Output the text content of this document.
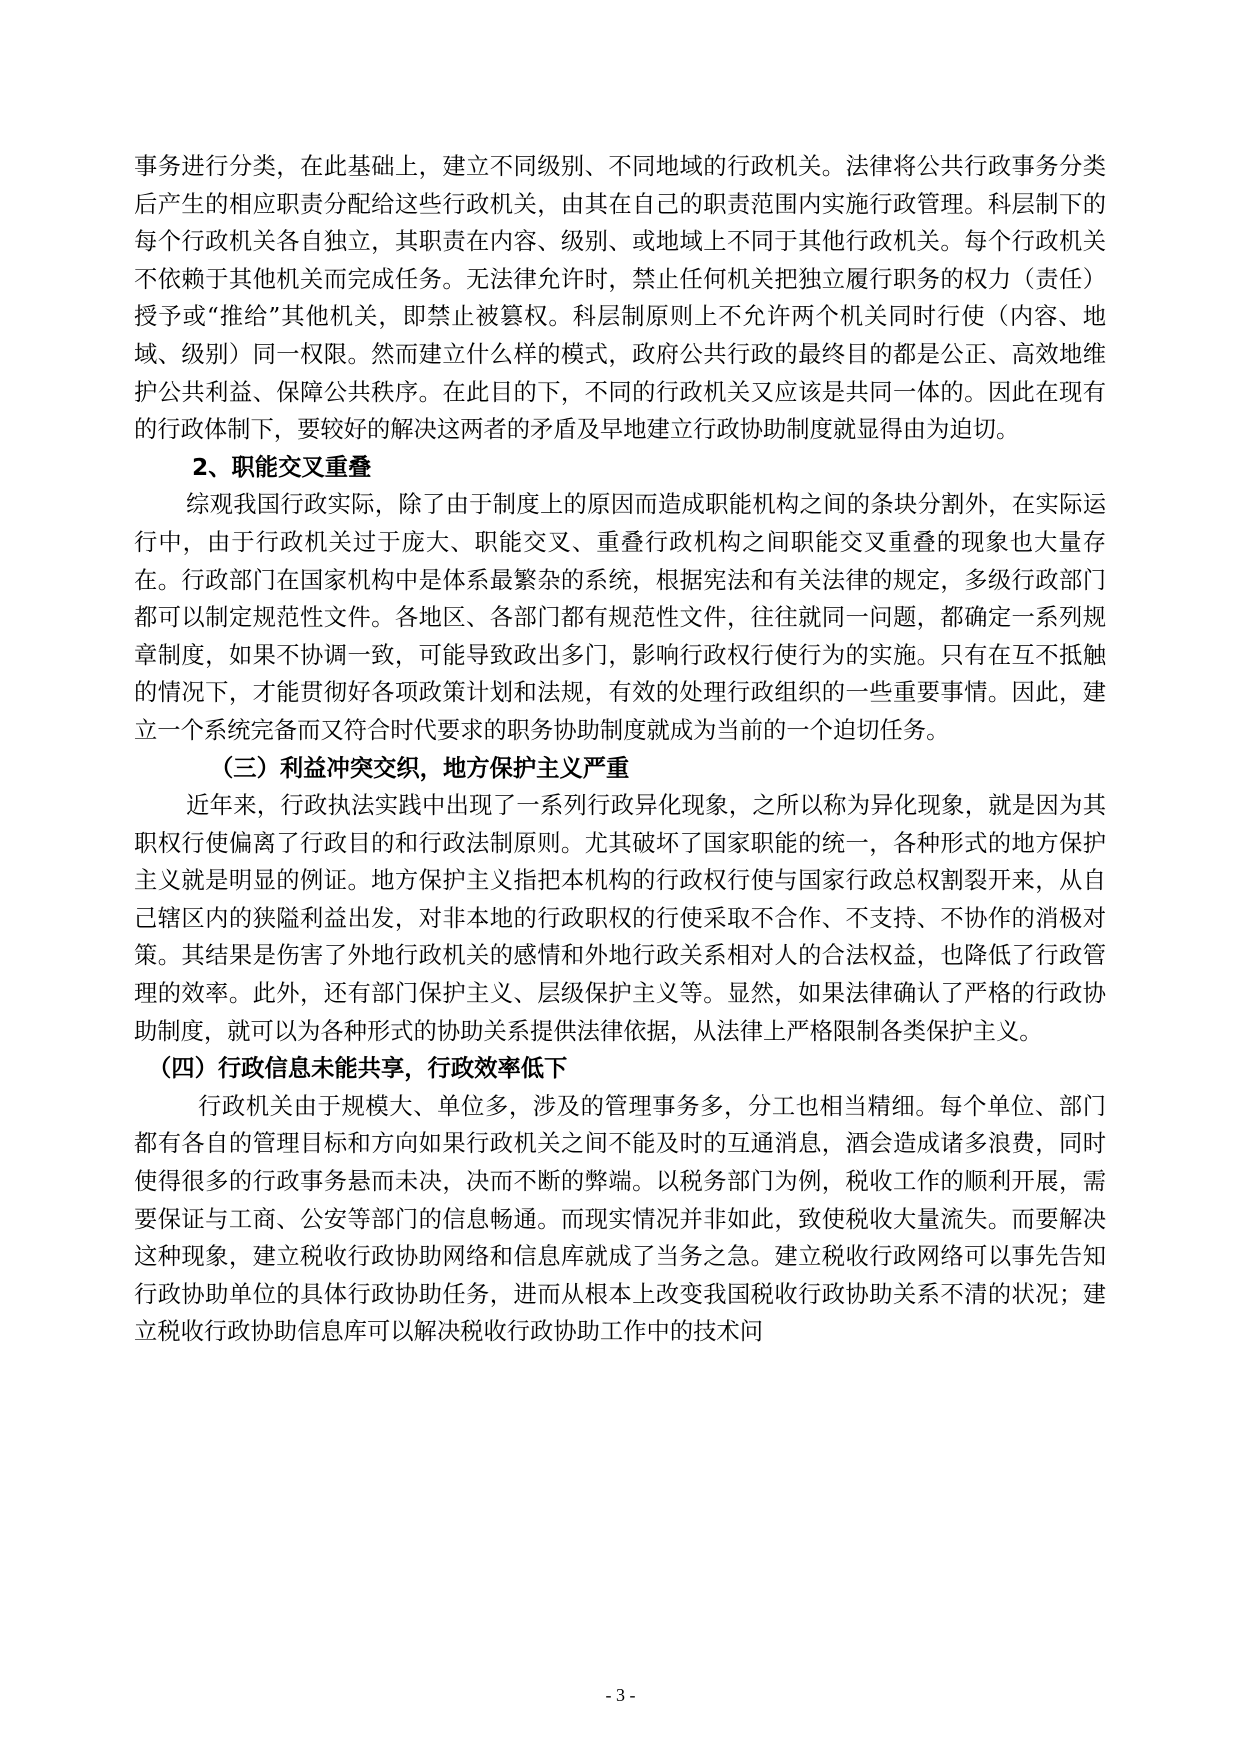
事务进行分类，在此基础上，建立不同级别、不同地域的行政机关。法律将公共行政事务分类后产生的相应职责分配给这些行政机关，由其在自己的职责范围内实施行政管理。科层制下的每个行政机关各自独立，其职责在内容、级别、或地域上不同于其他行政机关。每个行政机关不依赖于其他机关而完成任务。无法律允许时，禁止任何机关把独立履行职务的权力（责任）授予或“推给”其他机关，即禁止被篡权。科层制原则上不允许两个机关同时行使（内容、地域、级别）同一权限。然而建立什么样的模式，政府公共行政的最终目的都是公正、高效地维护公共利益、保障公共秩序。在此目的下，不同的行政机关又应该是共同一体的。因此在现有的行政体制下，要较好的解决这两者的矛盾及早地建立行政协助制度就显得由为迫切。

2、职能交叉重叠

综观我国行政实际，除了由于制度上的原因而造成职能机构之间的条块分割外，在实际运行中，由于行政机关过于庞大、职能交叉、重叠行政机构之间职能交叉重叠的现象也大量存在。行政部门在国家机构中是体系最繁杂的系统，根据宪法和有关法律的规定，多级行政部门都可以制定规范性文件。各地区、各部门都有规范性文件，往往就同一问题，都确定一系列规章制度，如果不协调一致，可能导致政出多门，影响行政权行使行为的实施。只有在互不抵触的情况下，才能贯彻好各项政策计划和法规，有效的处理行政组织的一些重要事情。因此，建立一个系统完备而又符合时代要求的职务协助制度就成为当前的一个迫切任务。

（三）利益冲突交织，地方保护主义严重

近年来，行政执法实践中出现了一系列行政异化现象，之所以称为异化现象，就是因为其职权行使偏离了行政目的和行政法制原则。尤其破坏了国家职能的统一，各种形式的地方保护主义就是明显的例证。地方保护主义指把本机构的行政权行使与国家行政总权割裂开来，从自己辖区内的狭隘利益出发，对非本地的行政职权的行使采取不合作、不支持、不协作的消极对策。其结果是伤害了外地行政机关的感情和外地行政关系相对人的合法权益，也降低了行政管理的效率。此外，还有部门保护主义、层级保护主义等。显然，如果法律确认了严格的行政协助制度，就可以为各种形式的协助关系提供法律依据，从法律上严格限制各类保护主义。

（四）行政信息未能共享，行政效率低下

行政机关由于规模大、单位多，涉及的管理事务多，分工也相当精细。每个单位、部门都有各自的管理目标和方向如果行政机关之间不能及时的互通消息，酒会造成诸多浪费，同时使得很多的行政事务悬而未决，决而不断的弊端。以税务部门为例，税收工作的顺利开展，需要保证与工商、公安等部门的信息畅通。而现实情况并非如此，致使税收大量流失。而要解决这种现象，建立税收行政协助网络和信息库就成了当务之急。建立税收行政网络可以事先告知行政协助单位的具体行政协助任务，进而从根本上改变我国税收行政协助关系不清的状况；建立税收行政协助信息库可以解决税收行政协助工作中的技术问

- 3 -
